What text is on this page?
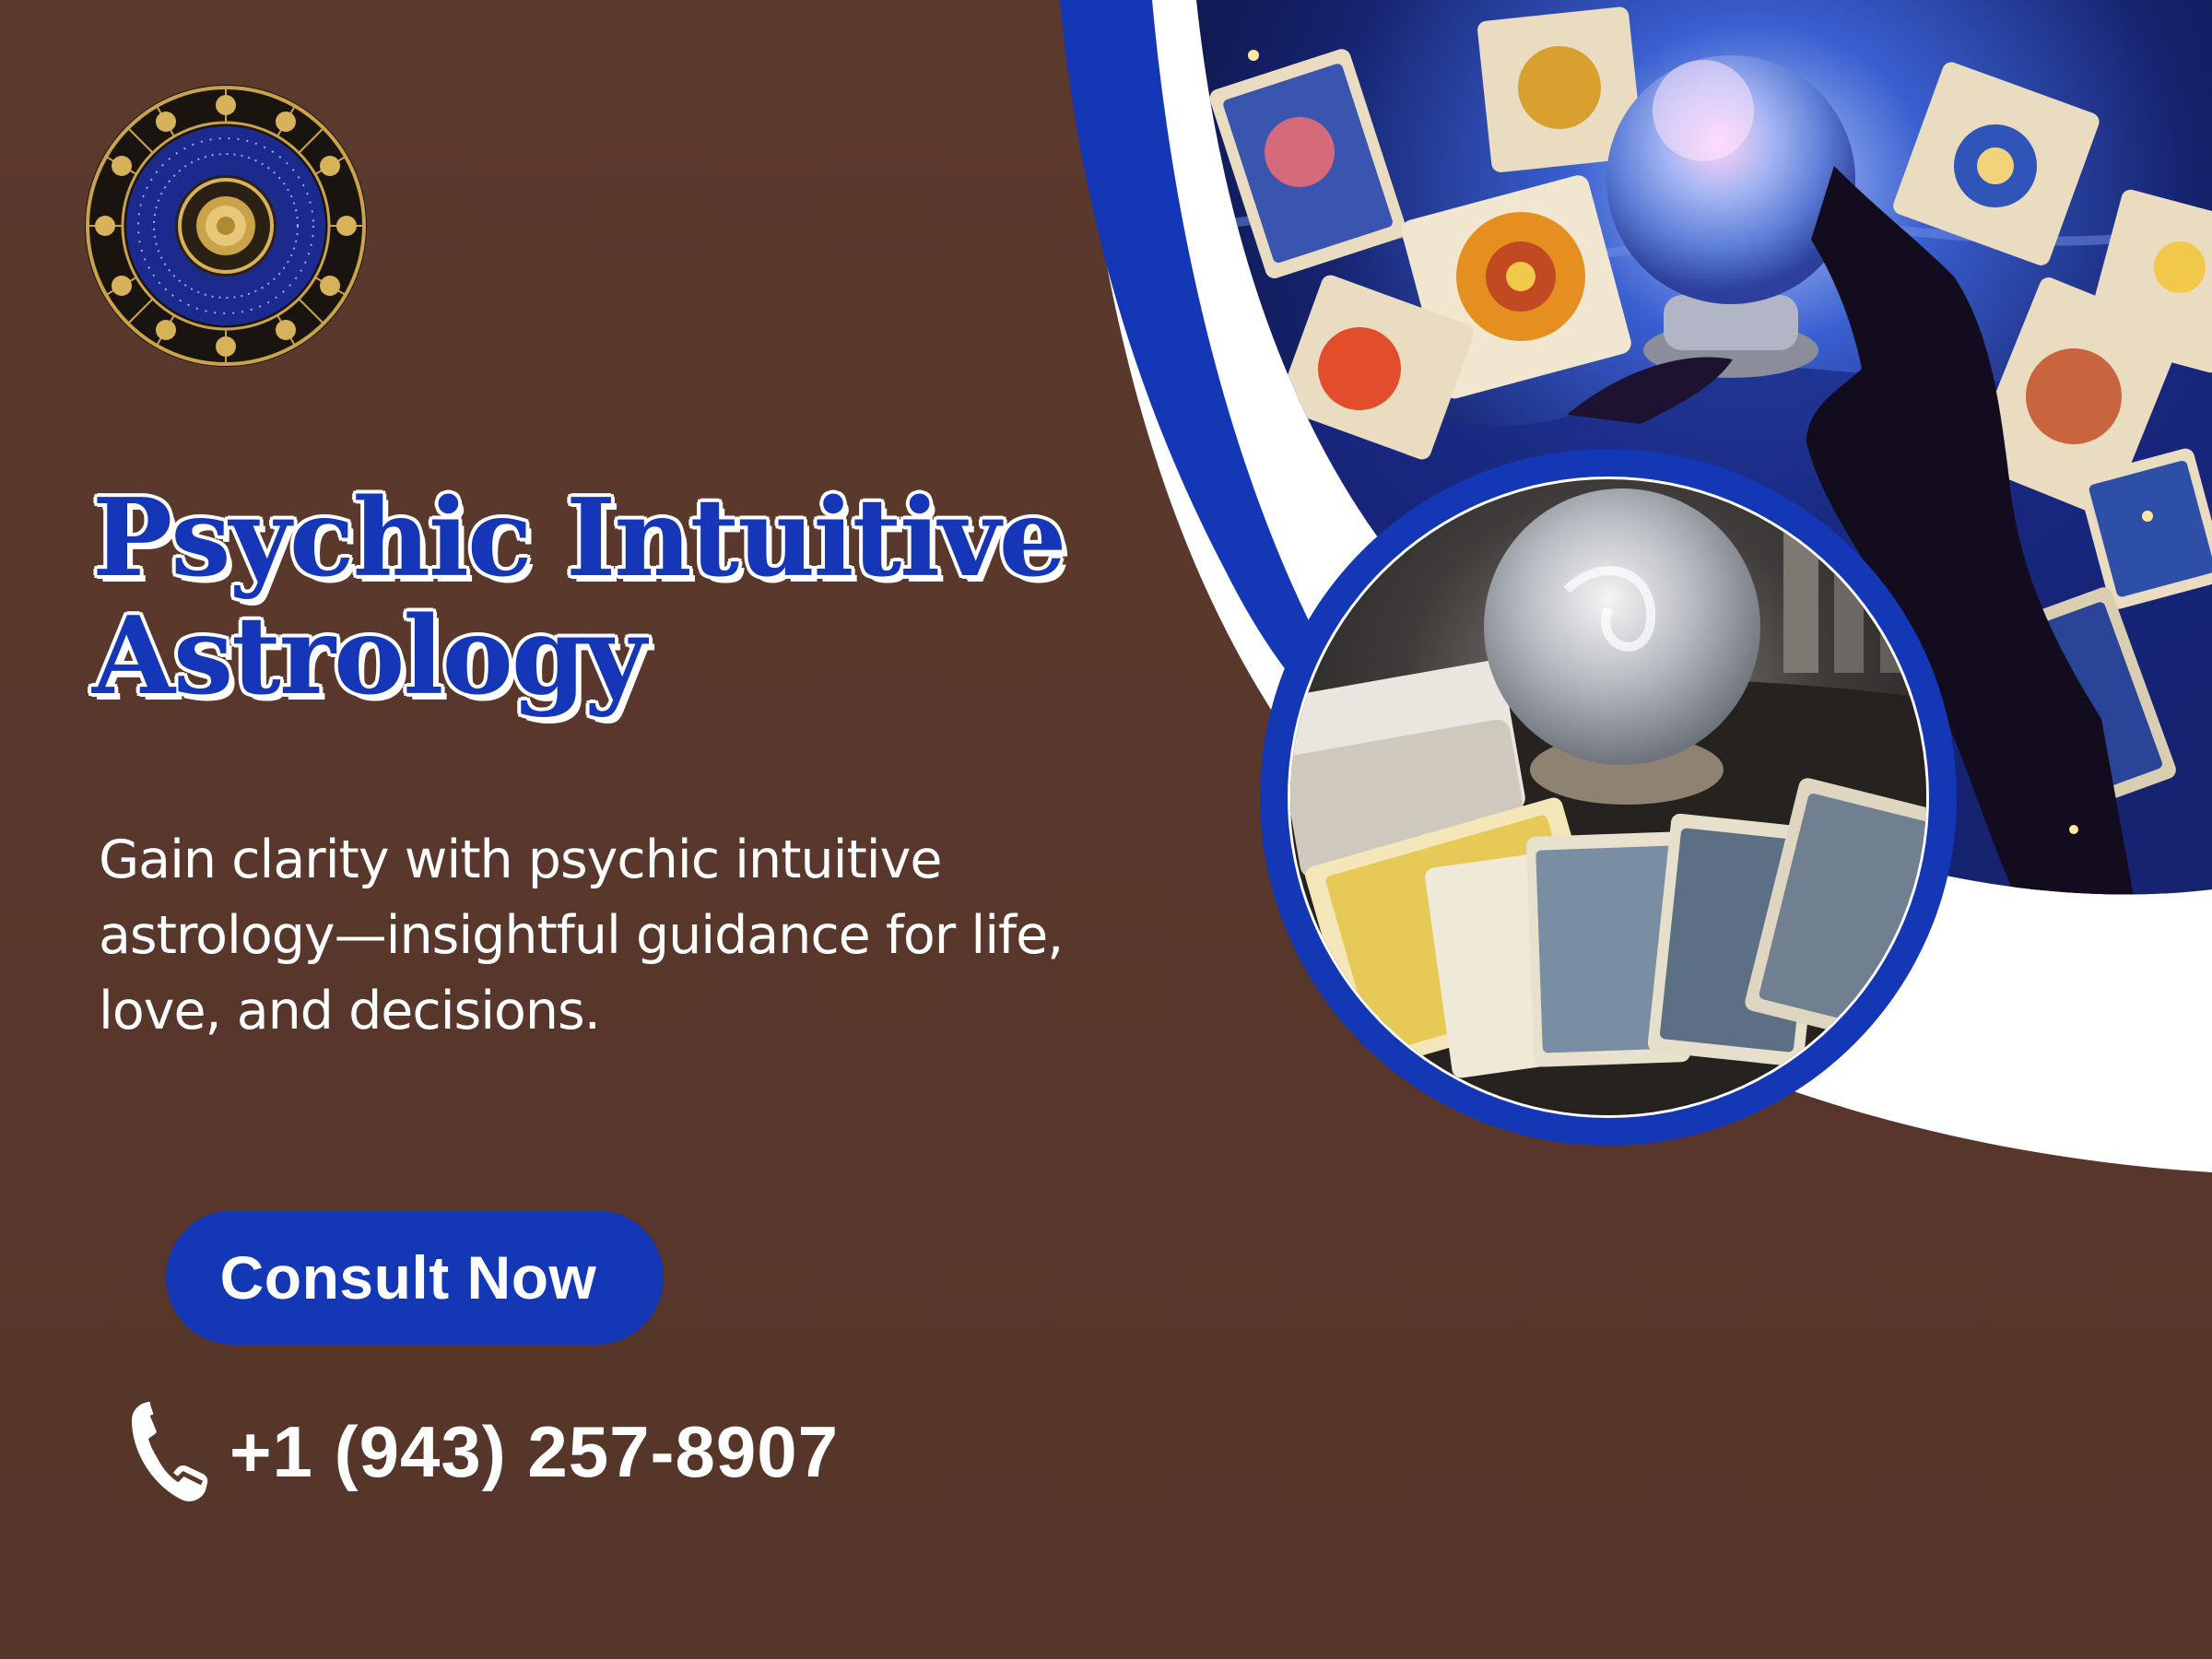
Psychic Intuitive
Astrology

Gain clarity with psychic intuitive astrology—insightful guidance for life, love, and decisions.

Consult Now
+1 (943) 257-8907
